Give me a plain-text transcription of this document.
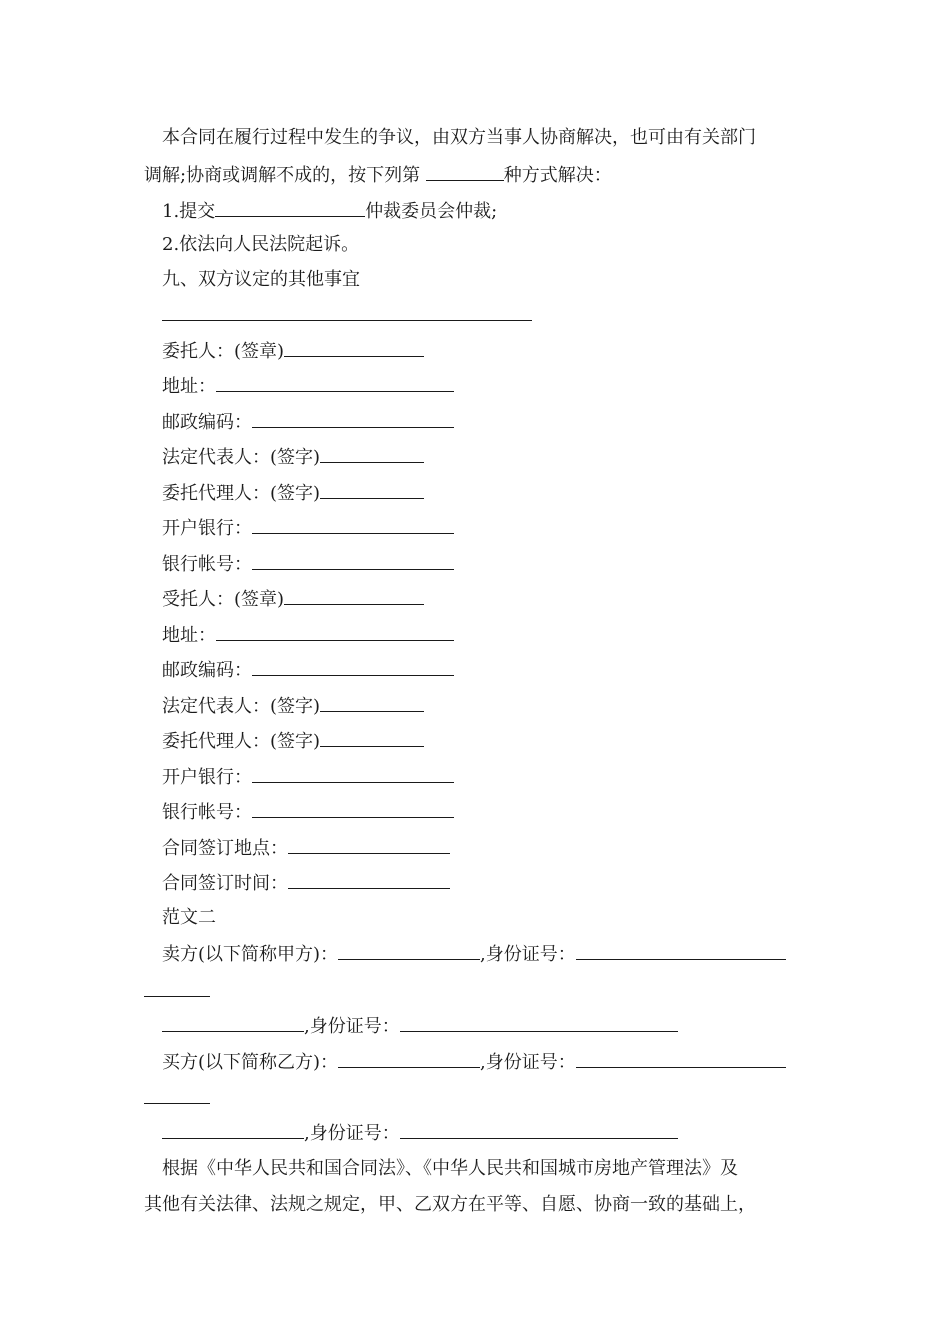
本合同在履行过程中发生的争议，由双方当事人协商解决，也可由有关部门
调解;协商或调解不成的，按下列第	种方式解决：
1.提交	仲裁委员会仲裁;
2.依法向人民法院起诉。
九、双方议定的其他事宜
委托人：(签章)
地址：
邮政编码：
法定代表人：(签字)
委托代理人：(签字)
开户银行：
银行帐号：
受托人：(签章)
地址：
邮政编码：
法定代表人：(签字)
委托代理人：(签字)
开户银行：
银行帐号：
合同签订地点：
合同签订时间：
范文二
卖方(以下简称甲方)：	,身份证号：
,身份证号：
买方(以下简称乙方)：	,身份证号：
,身份证号：
根据《中华人民共和国合同法》、《中华人民共和国城市房地产管理法》及
其他有关法律、法规之规定，甲、乙双方在平等、自愿、协商一致的基础上，
